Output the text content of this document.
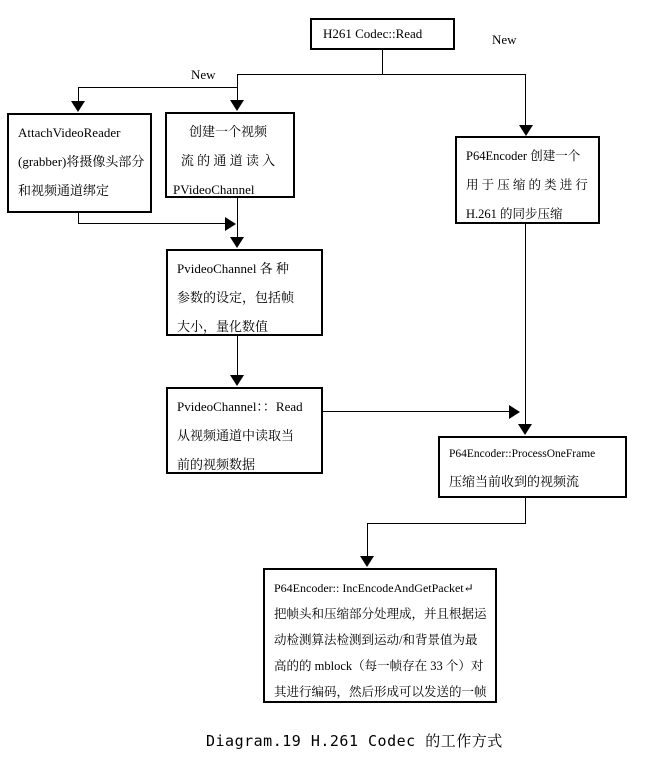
New
New
H261 Codec::Read
AttachVideoReader
(grabber)将摄像头部分
和视频通道绑定
创建一个视频
流 的 通 道 读 入
PVideoChannel
P64Encoder 创建一个
用 于 压 缩 的 类 进 行
H.261 的同步压缩
PvideoChannel 各 种
参数的设定，包括帧
大小，量化数值
PvideoChannel：：Read
从视频通道中读取当
前的视频数据
P64Encoder::ProcessOneFrame
压缩当前收到的视频流
P64Encoder:: IncEncodeAndGetPacket↵
把帧头和压缩部分处理成，并且根据运
动检测算法检测到运动/和背景值为最
高的的 mblock（每一帧存在 33 个）对
其进行编码，然后形成可以发送的一帧
Diagram.19 H.261 Codec 的工作方式
